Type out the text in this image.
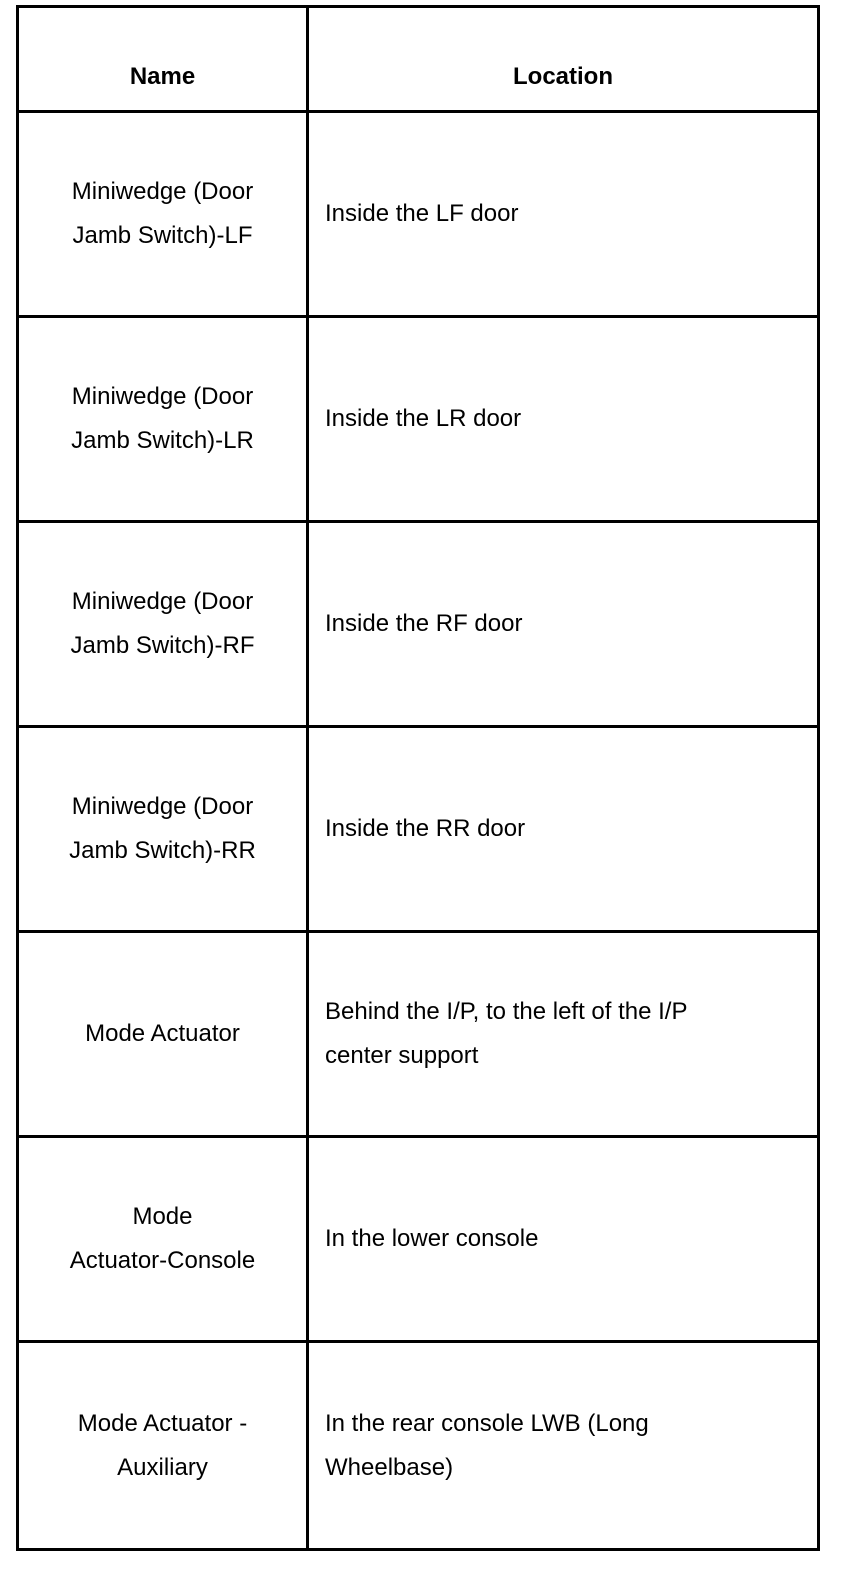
Name	Location
Miniwedge (Door
Jamb Switch)-LF
Inside the LF door
Miniwedge (Door
Jamb Switch)-LR
Inside the LR door
Miniwedge (Door
Jamb Switch)-RF
Inside the RF door
Miniwedge (Door
Jamb Switch)-RR
Inside the RR door
Mode Actuator
Behind the I/P, to the left of the I/P
center support
Mode
Actuator-Console
In the lower console
Mode Actuator -
Auxiliary
In the rear console LWB (Long
Wheelbase)
